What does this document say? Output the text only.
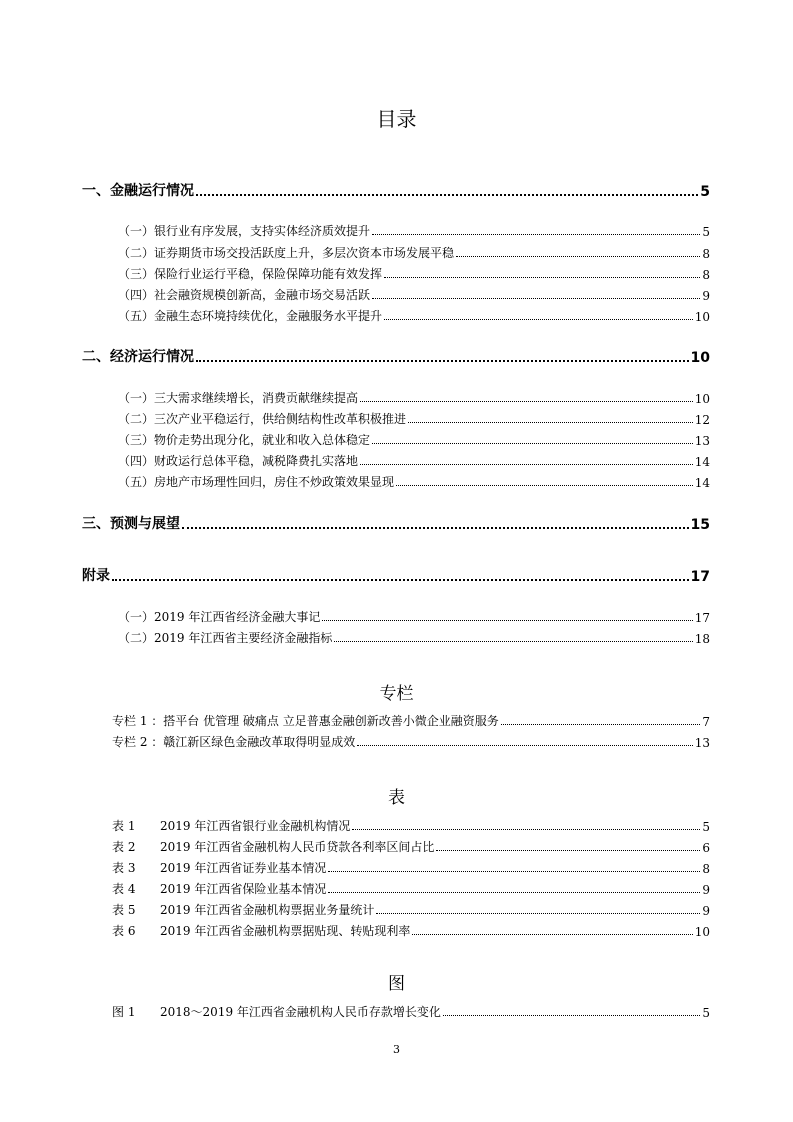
目录
一、金融运行情况	5
（一）银行业有序发展，支持实体经济质效提升	5
（二）证券期货市场交投活跃度上升，多层次资本市场发展平稳	8
（三）保险行业运行平稳，保险保障功能有效发挥	8
（四）社会融资规模创新高，金融市场交易活跃	9
（五）金融生态环境持续优化，金融服务水平提升	10
二、经济运行情况	10
（一）三大需求继续增长，消费贡献继续提高	10
（二）三次产业平稳运行，供给侧结构性改革积极推进	12
（三）物价走势出现分化，就业和收入总体稳定	13
（四）财政运行总体平稳，减税降费扎实落地	14
（五）房地产市场理性回归，房住不炒政策效果显现	14
三、预测与展望	15
附录	17
（一）2019 年江西省经济金融大事记	17
（二）2019 年江西省主要经济金融指标	18
专栏
专栏 1 ：搭平台 优管理 破痛点 立足普惠金融创新改善小微企业融资服务	7
专栏 2 ：赣江新区绿色金融改革取得明显成效	13
表
表 1 2019 年江西省银行业金融机构情况	5
表 2 2019 年江西省金融机构人民币贷款各利率区间占比	6
表 3 2019 年江西省证券业基本情况	8
表 4 2019 年江西省保险业基本情况	9
表 5 2019 年江西省金融机构票据业务量统计	9
表 6 2019 年江西省金融机构票据贴现、转贴现利率	10
图
图 1 2018～2019 年江西省金融机构人民币存款增长变化	5
3
